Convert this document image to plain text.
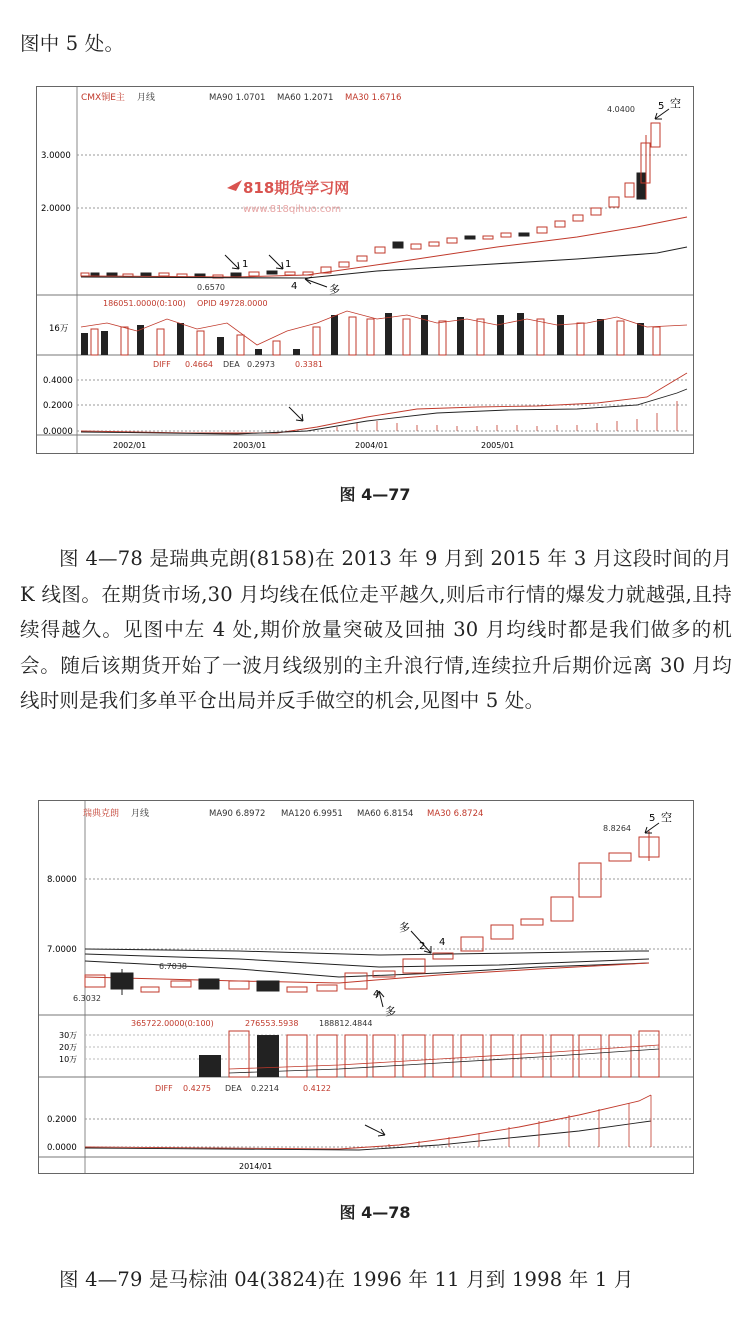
图中 5 处。

CMX铜E主 月线	MA90 1.0701 MA60 1.2071 MA30 1.6716
3.0000
2.0000
818期货学习网
www.818qihuo.com
4.0400
0.6570
1	1
4	多
5 空
186051.0000(0:100) OPID 49728.0000
16万
DIFF 0.4664 DEA 0.2973	0.3381
0.4000
0.2000
0.0000
2002/01	2003/01	2004/01	2005/01
图 4—77

图 4—78 是瑞典克朗(8158)在 2013 年 9 月到 2015 年 3 月这段时间的月 K 线图。在期货市场,30 月均线在低位走平越久,则后市行情的爆发力就越强,且持续得越久。见图中左 4 处,期价放量突破及回抽 30 月均线时都是我们做多的机会。随后该期货开始了一波月线级别的主升浪行情,连续拉升后期价远离 30 月均线时则是我们多单平仓出局并反手做空的机会,见图中 5 处。

瑞典克朗 月线	MA90 6.8972 MA120 6.9951 MA60 6.8154 MA30 6.8724
8.0000
7.0000
8.8264
6.7038
6.3032
5 空
多
2 4
4
多
365722.0000(0:100)	276553.5938	188812.4844
30万
20万
10万
DIFF 0.4275 DEA 0.2214	0.4122
0.2000
0.0000
2014/01
图 4—78

图 4—79 是马棕油 04(3824)在 1996 年 11 月到 1998 年 1 月
